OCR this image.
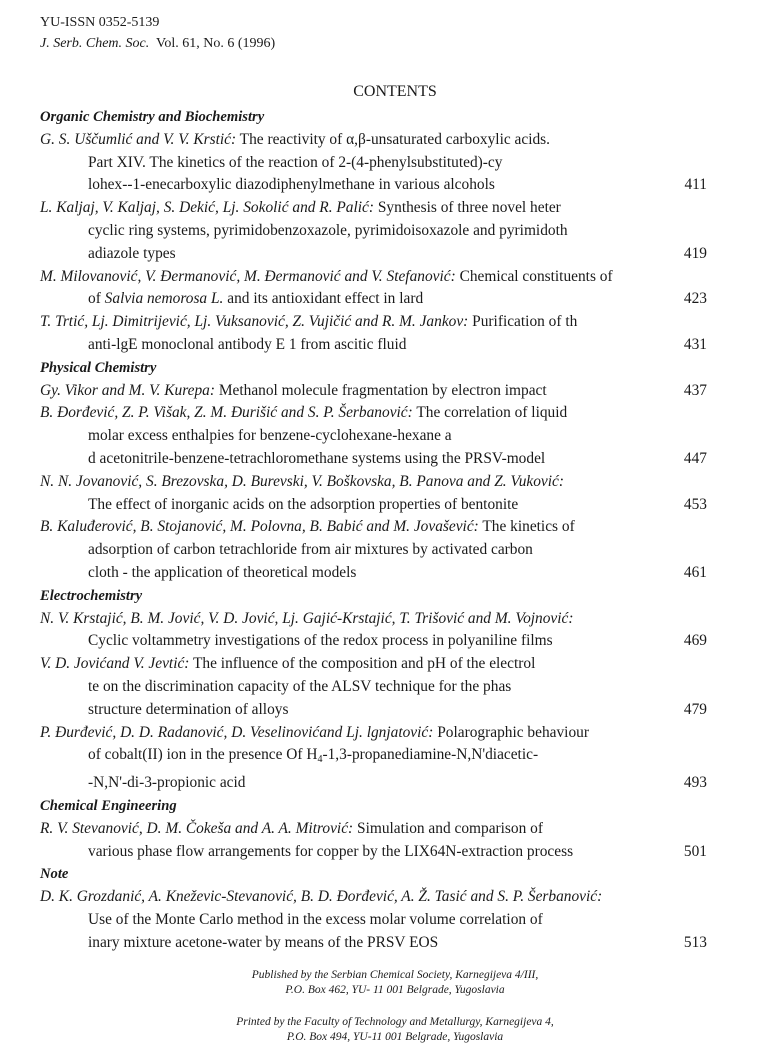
YU-ISSN 0352-5139
J. Serb. Chem. Soc. Vol. 61, No. 6 (1996)
CONTENTS
Organic Chemistry and Biochemistry
G. S. Uščumlić and V. V. Krstić: The reactivity of α,β-unsaturated carboxylic acids.
Part XIV. The kinetics of the reaction of 2-(4-phenylsubstituted)-cy
lohex--1-enecarboxylic diazodiphenylmethane in various alcohols	411
L. Kaljaj, V. Kaljaj, S. Dekić, Lj. Sokolić and R. Palić: Synthesis of three novel heter
cyclic ring systems, pyrimidobenzoxazole, pyrimidoisoxazole and pyrimidoth
adiazole types	419
M. Milovanović, V. Đermanović, M. Đermanović and V. Stefanović: Chemical constituents of
of Salvia nemorosa L. and its antioxidant effect in lard	423
T. Trtić, Lj. Dimitrijević, Lj. Vuksanović, Z. Vujičić and R. M. Jankov: Purification of th
anti-lgE monoclonal antibody E 1 from ascitic fluid	431
Physical Chemistry
Gy. Vikor and M. V. Kurepa: Methanol molecule fragmentation by electron impact	437
B. Đorđević, Z. P. Višak, Z. M. Đurišić and S. P. Šerbanović: The correlation of liquid
molar excess enthalpies for benzene-cyclohexane-hexane a
d acetonitrile-benzene-tetrachloromethane systems using the PRSV-model	447
N. N. Jovanović, S. Brezovska, D. Burevski, V. Boškovska, B. Panova and Z. Vuković:
The effect of inorganic acids on the adsorption properties of bentonite	453
B. Kaluđerović, B. Stojanović, M. Polovna, B. Babić and M. Jovašević: The kinetics of
adsorption of carbon tetrachloride from air mixtures by activated carbon
cloth - the application of theoretical models	461
Electrochemistry
N. V. Krstajić, B. M. Jović, V. D. Jović, Lj. Gajić-Krstajić, T. Trišović and M. Vojnović:
Cyclic voltammetry investigations of the redox process in polyaniline films	469
V. D. Jovićand V. Jevtić: The influence of the composition and pH of the electrol
te on the discrimination capacity of the ALSV technique for the phas
structure determination of alloys	479
P. Đurđević, D. D. Radanović, D. Veselinovićand Lj. lgnjatović: Polarographic behaviour
of cobalt(II) ion in the presence Of $H_4-1,3-propanediamine-N,N'diacetic-$
-N,N'-di-3-propionic acid	493
Chemical Engineering
R. V. Stevanović, D. M. Čokeša and A. A. Mitrović: Simulation and comparison of
various phase flow arrangements for copper by the LIX64N-extraction process	501
Note
D. K. Grozdanić, A. Kneževic-Stevanović, B. D. Đorđević, A. Ž. Tasić and S. P. Šerbanović:
Use of the Monte Carlo method in the excess molar volume correlation of
inary mixture acetone-water by means of the PRSV EOS	513
Published by the Serbian Chemical Society, Karnegijeva 4/III,
P.O. Box 462, YU- 11 001 Belgrade, Yugoslavia
Printed by the Faculty of Technology and Metallurgy, Karnegijeva 4,
P.O. Box 494, YU-11 001 Belgrade, Yugoslavia
